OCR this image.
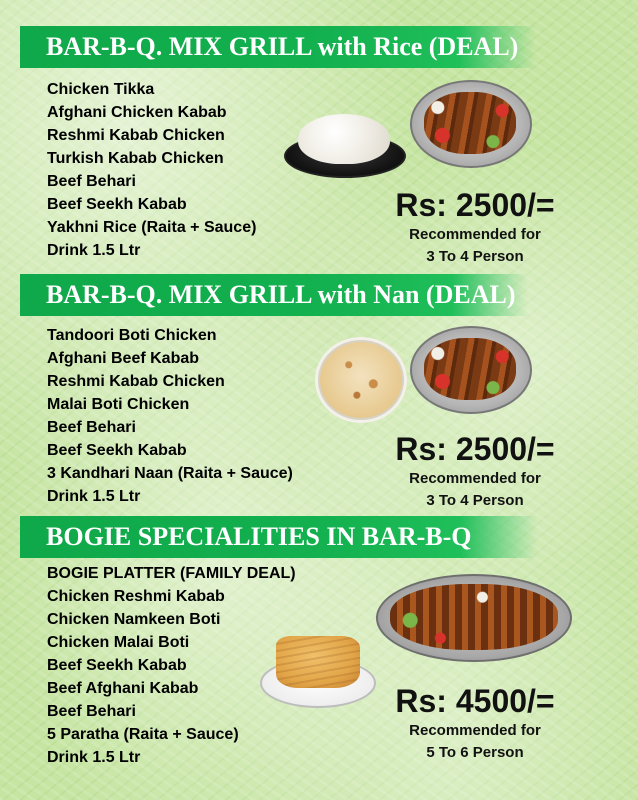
BAR-B-Q. MIX GRILL with Rice (DEAL)
Chicken Tikka
Afghani Chicken Kabab
Reshmi Kabab Chicken
Turkish Kabab Chicken
Beef Behari
Beef Seekh Kabab
Yakhni Rice (Raita + Sauce)
Drink 1.5 Ltr
Rs: 2500/=
Recommended for
3 To 4 Person
BAR-B-Q. MIX GRILL with Nan (DEAL)
Tandoori Boti Chicken
Afghani Beef Kabab
Reshmi Kabab Chicken
Malai Boti Chicken
Beef Behari
Beef Seekh Kabab
3 Kandhari Naan (Raita + Sauce)
Drink 1.5 Ltr
Rs: 2500/=
Recommended for
3 To 4 Person
BOGIE SPECIALITIES IN BAR-B-Q
BOGIE PLATTER (FAMILY DEAL)
Chicken Reshmi Kabab
Chicken Namkeen Boti
Chicken Malai Boti
Beef Seekh Kabab
Beef Afghani Kabab
Beef Behari
5 Paratha (Raita + Sauce)
Drink 1.5 Ltr
Rs: 4500/=
Recommended for
5 To 6 Person
